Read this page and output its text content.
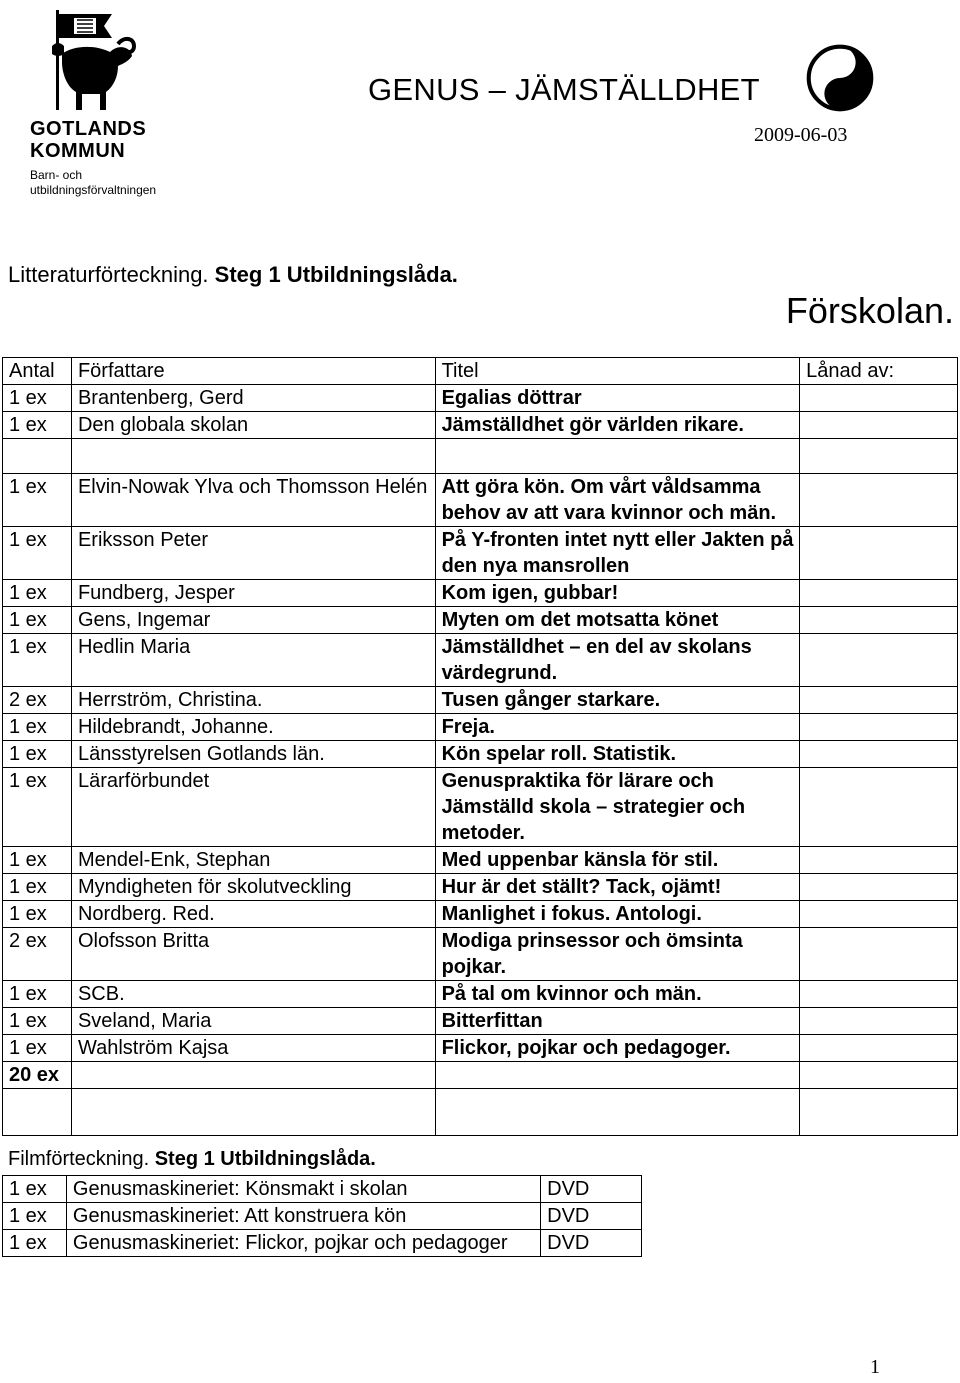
GOTLANDS
KOMMUN
Barn- och
utbildningsförvaltningen
GENUS – JÄMSTÄLLDHET
2009-06-03
Litteraturförteckning. Steg 1 Utbildningslåda.
Förskolan.
Antal	Författare	Titel	Lånad av:
1 ex	Brantenberg, Gerd	Egalias döttrar	
1 ex	Den globala skolan	Jämställdhet gör världen rikare.	

1 ex	Elvin-Nowak Ylva och Thomsson Helén	Att göra kön. Om vårt våldsamma behov av att vara kvinnor och män.	
1 ex	Eriksson Peter	På Y-fronten intet nytt eller Jakten på den nya mansrollen	
1 ex	Fundberg, Jesper	Kom igen, gubbar!	
1 ex	Gens, Ingemar	Myten om det motsatta könet	
1 ex	Hedlin Maria	Jämställdhet – en del av skolans värdegrund.	
2 ex	Herrström, Christina.	Tusen gånger starkare.	
1 ex	Hildebrandt, Johanne.	Freja.	
1 ex	Länsstyrelsen Gotlands län.	Kön spelar roll. Statistik.	
1 ex	Lärarförbundet	Genuspraktika för lärare och Jämställd skola – strategier och metoder.	
1 ex	Mendel-Enk, Stephan	Med uppenbar känsla för stil.	
1 ex	Myndigheten för skolutveckling	Hur är det ställt? Tack, ojämt!	
1 ex	Nordberg. Red.	Manlighet i fokus. Antologi.	
2 ex	Olofsson Britta	Modiga prinsessor och ömsinta pojkar.	
1 ex	SCB.	På tal om kvinnor och män.	
1 ex	Sveland, Maria	Bitterfittan	
1 ex	Wahlström Kajsa	Flickor, pojkar och pedagoger.	
20 ex			

Filmförteckning. Steg 1 Utbildningslåda.
1 ex	Genusmaskineriet: Könsmakt i skolan	DVD
1 ex	Genusmaskineriet: Att konstruera kön	DVD
1 ex	Genusmaskineriet: Flickor, pojkar och pedagoger	DVD
1
